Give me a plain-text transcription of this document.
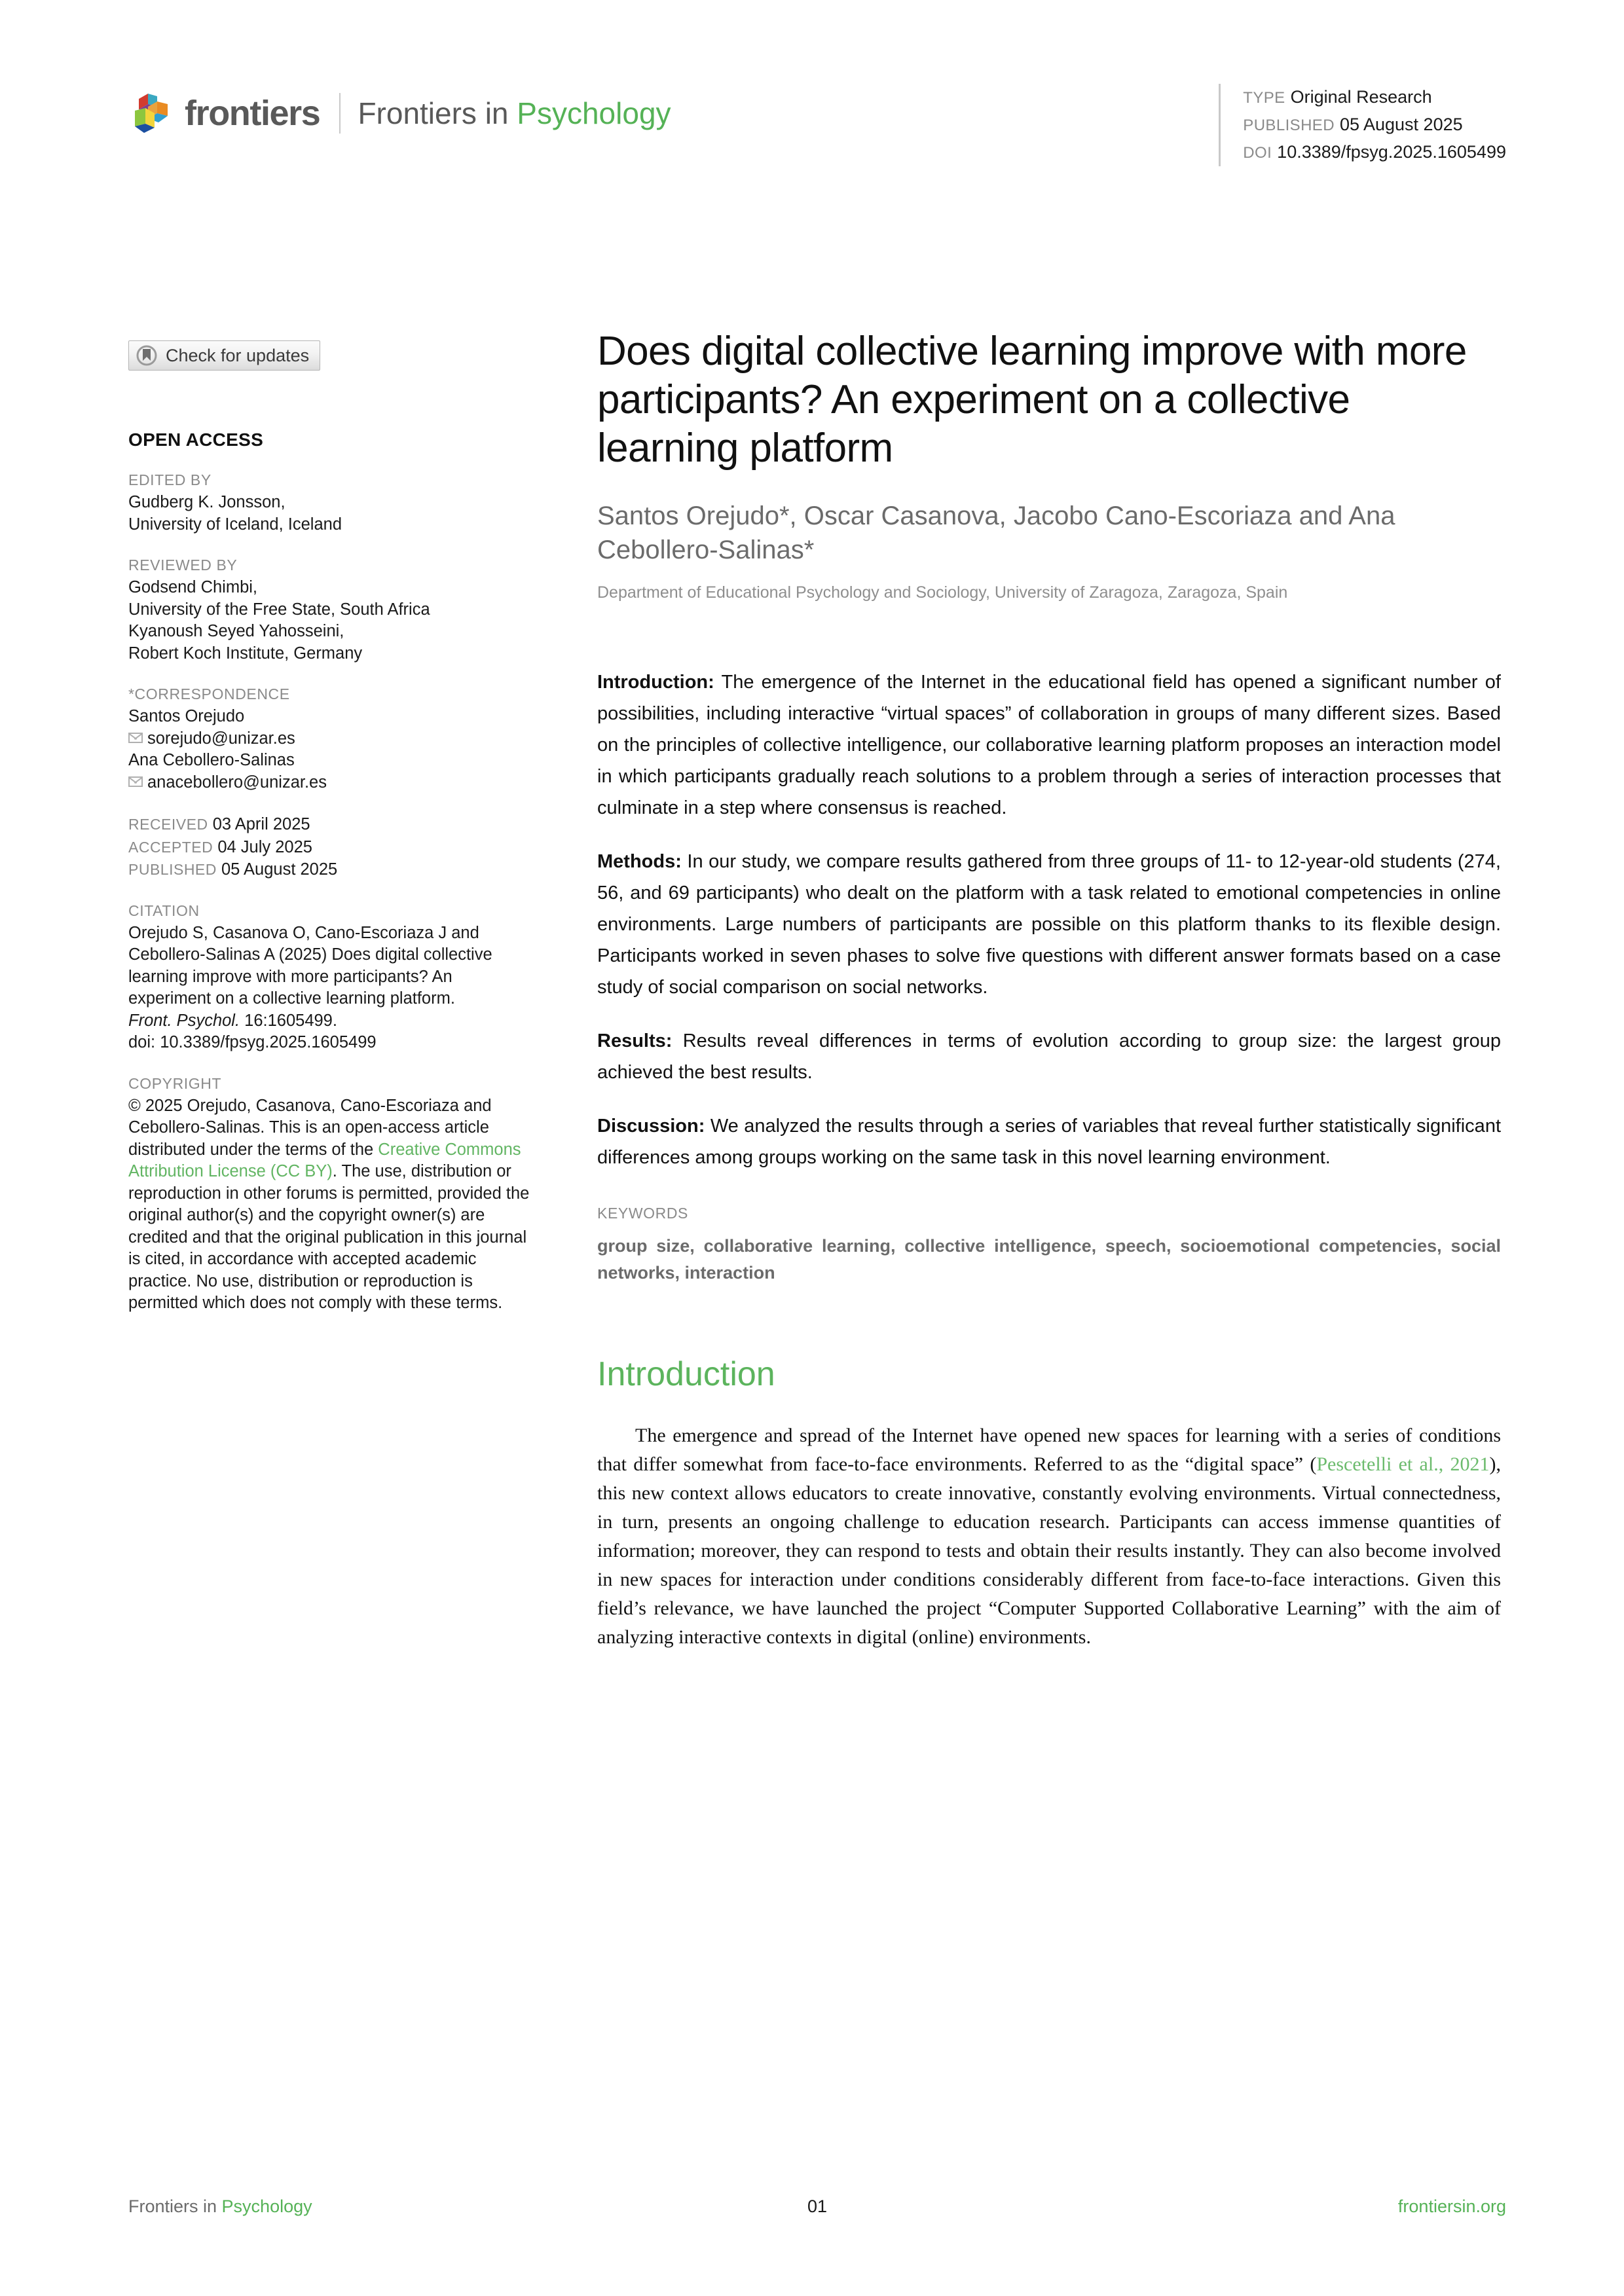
frontiers Frontiers in Psychology	TYPE Original Research
PUBLISHED 05 August 2025
DOI 10.3389/fpsyg.2025.1605499
Check for updates
OPEN ACCESS
EDITED BY
Gudberg K. Jonsson,
University of Iceland, Iceland
REVIEWED BY
Godsend Chimbi,
University of the Free State, South Africa
Kyanoush Seyed Yahosseini,
Robert Koch Institute, Germany
*CORRESPONDENCE
Santos Orejudo
sorejudo@unizar.es
Ana Cebollero-Salinas
anacebollero@unizar.es
RECEIVED 03 April 2025
ACCEPTED 04 July 2025
PUBLISHED 05 August 2025
CITATION
Orejudo S, Casanova O, Cano-Escoriaza J and Cebollero-Salinas A (2025) Does digital collective learning improve with more participants? An experiment on a collective learning platform.
Front. Psychol. 16:1605499.
doi: 10.3389/fpsyg.2025.1605499
COPYRIGHT
© 2025 Orejudo, Casanova, Cano-Escoriaza and Cebollero-Salinas. This is an open-access article distributed under the terms of the Creative Commons Attribution License (CC BY). The use, distribution or reproduction in other forums is permitted, provided the original author(s) and the copyright owner(s) are credited and that the original publication in this journal is cited, in accordance with accepted academic practice. No use, distribution or reproduction is permitted which does not comply with these terms.
Does digital collective learning improve with more participants? An experiment on a collective learning platform
Santos Orejudo*, Oscar Casanova, Jacobo Cano-Escoriaza and Ana Cebollero-Salinas*
Department of Educational Psychology and Sociology, University of Zaragoza, Zaragoza, Spain

Introduction: The emergence of the Internet in the educational field has opened a significant number of possibilities, including interactive “virtual spaces” of collaboration in groups of many different sizes. Based on the principles of collective intelligence, our collaborative learning platform proposes an interaction model in which participants gradually reach solutions to a problem through a series of interaction processes that culminate in a step where consensus is reached.

Methods: In our study, we compare results gathered from three groups of 11- to 12-year-old students (274, 56, and 69 participants) who dealt on the platform with a task related to emotional competencies in online environments. Large numbers of participants are possible on this platform thanks to its flexible design. Participants worked in seven phases to solve five questions with different answer formats based on a case study of social comparison on social networks.

Results: Results reveal differences in terms of evolution according to group size: the largest group achieved the best results.

Discussion: We analyzed the results through a series of variables that reveal further statistically significant differences among groups working on the same task in this novel learning environment.

KEYWORDS
group size, collaborative learning, collective intelligence, speech, socioemotional competencies, social networks, interaction
Introduction

The emergence and spread of the Internet have opened new spaces for learning with a series of conditions that differ somewhat from face-to-face environments. Referred to as the “digital space” (Pescetelli et al., 2021), this new context allows educators to create innovative, constantly evolving environments. Virtual connectedness, in turn, presents an ongoing challenge to education research. Participants can access immense quantities of information; moreover, they can respond to tests and obtain their results instantly. They can also become involved in new spaces for interaction under conditions considerably different from face-to-face interactions. Given this field’s relevance, we have launched the project “Computer Supported Collaborative Learning” with the aim of analyzing interactive contexts in digital (online) environments.

Frontiers in Psychology	01	frontiersin.org
